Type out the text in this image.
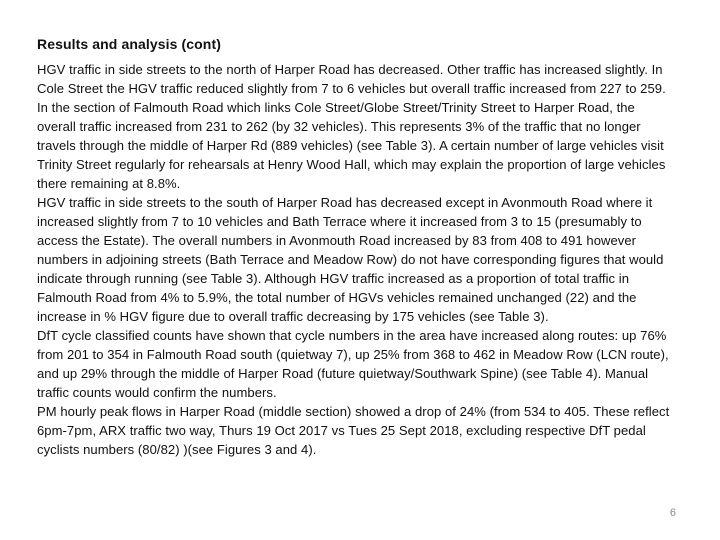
Results and analysis (cont)

HGV traffic in side streets to the north of Harper Road has decreased. Other traffic has increased slightly. In Cole Street the HGV traffic reduced slightly from 7 to 6 vehicles but overall traffic increased from 227 to 259. In the section of Falmouth Road which links Cole Street/Globe Street/Trinity Street to Harper Road, the overall traffic increased from 231 to 262 (by 32 vehicles). This represents 3% of the traffic that no longer travels through the middle of Harper Rd (889 vehicles) (see Table 3). A certain number of large vehicles visit Trinity Street regularly for rehearsals at Henry Wood Hall, which may explain the proportion of large vehicles there remaining at 8.8%.

HGV traffic in side streets to the south of Harper Road has decreased except in Avonmouth Road where it increased slightly from 7 to 10 vehicles and Bath Terrace where it increased from 3 to 15 (presumably to access the Estate). The overall numbers in Avonmouth Road increased by 83 from 408 to 491 however numbers in adjoining streets (Bath Terrace and Meadow Row) do not have corresponding figures that would indicate through running (see Table 3). Although HGV traffic increased as a proportion of total traffic in Falmouth Road from 4% to 5.9%, the total number of HGVs vehicles remained unchanged (22) and the increase in % HGV figure due to overall traffic decreasing by 175 vehicles (see Table 3).

DfT cycle classified counts have shown that cycle numbers in the area have increased along routes: up 76% from 201 to 354 in Falmouth Road south (quietway 7), up 25% from 368 to 462 in Meadow Row (LCN route), and up 29% through the middle of Harper Road (future quietway/Southwark Spine) (see Table 4). Manual traffic counts would confirm the numbers.

PM hourly peak flows in Harper Road (middle section) showed a drop of 24% (from 534 to 405. These reflect 6pm-7pm, ARX traffic two way, Thurs 19 Oct 2017 vs Tues 25 Sept 2018, excluding respective DfT pedal cyclists numbers (80/82) )(see Figures 3 and 4).

6
